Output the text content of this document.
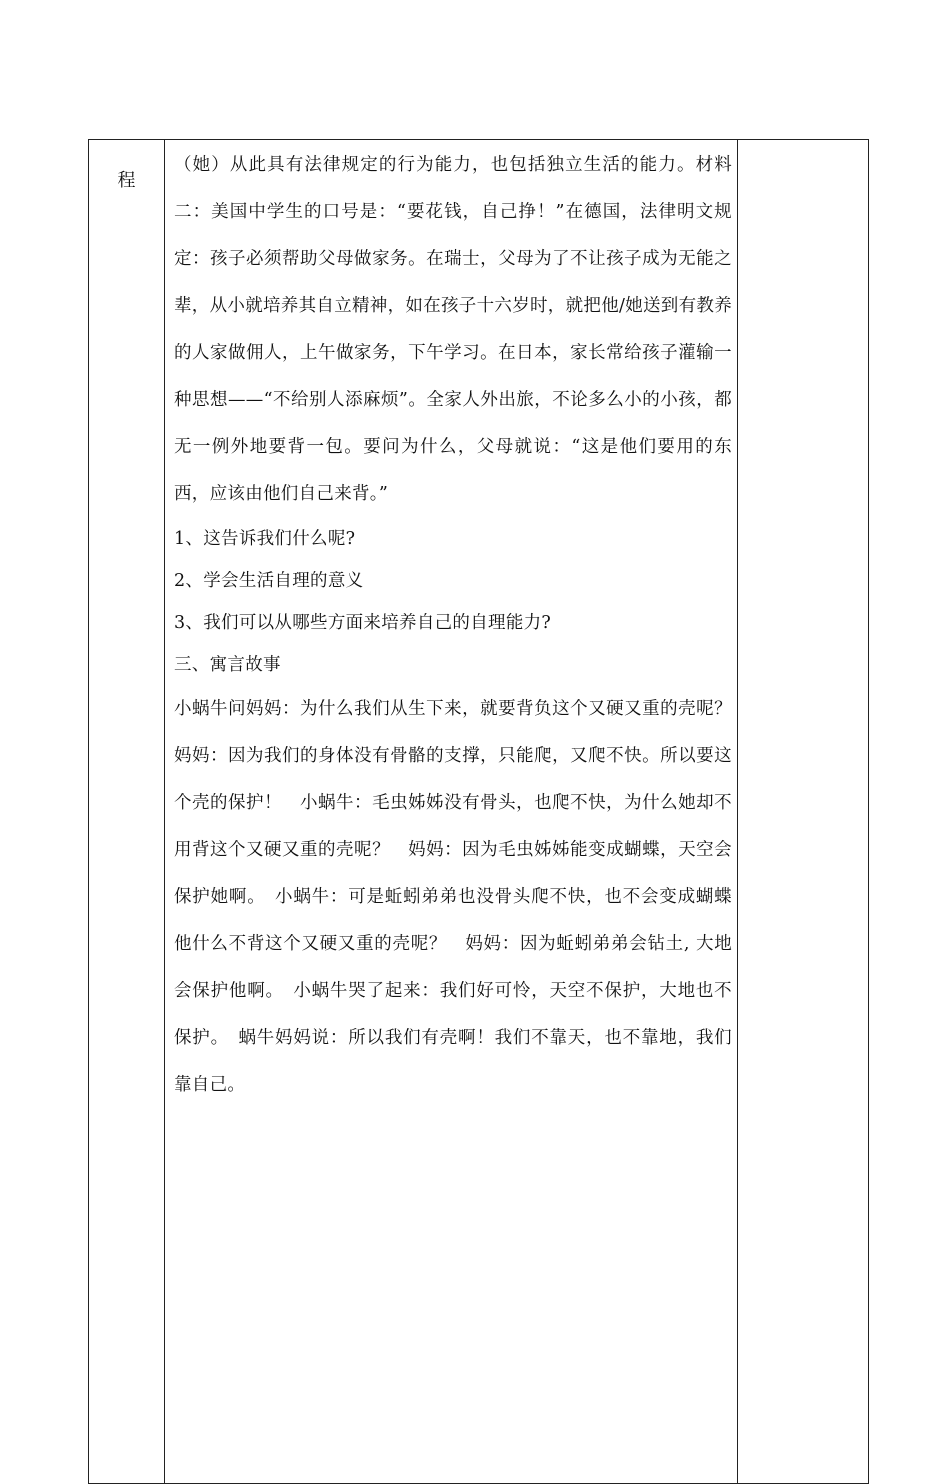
程

（她）从此具有法律规定的行为能力，也包括独立生活的能力。材料二：美国中学生的口号是：“要花钱，自己挣！”在德国，法律明文规定：孩子必须帮助父母做家务。在瑞士，父母为了不让孩子成为无能之辈，从小就培养其自立精神，如在孩子十六岁时，就把他/她送到有教养的人家做佣人，上午做家务，下午学习。在日本，家长常给孩子灌输一种思想——“不给别人添麻烦”。全家人外出旅，不论多么小的小孩，都无一例外地要背一包。要问为什么，父母就说：“这是他们要用的东西，应该由他们自己来背。”

1、这告诉我们什么呢?

2、学会生活自理的意义

3、我们可以从哪些方面来培养自己的自理能力?

三、寓言故事

小蜗牛问妈妈：为什么我们从生下来，就要背负这个又硬又重的壳呢？　妈妈：因为我们的身体没有骨骼的支撑，只能爬，又爬不快。所以要这个壳的保护！　小蜗牛：毛虫姊姊没有骨头，也爬不快，为什么她却不用背这个又硬又重的壳呢？　妈妈：因为毛虫姊姊能变成蝴蝶，天空会保护她啊。　小蜗牛：可是蚯蚓弟弟也没骨头爬不快，也不会变成蝴蝶他什么不背这个又硬又重的壳呢？　妈妈：因为蚯蚓弟弟会钻土, 大地会保护他啊。　小蜗牛哭了起来：我们好可怜，天空不保护，大地也不保护。　蜗牛妈妈说：所以我们有壳啊！我们不靠天，也不靠地，我们靠自己。
